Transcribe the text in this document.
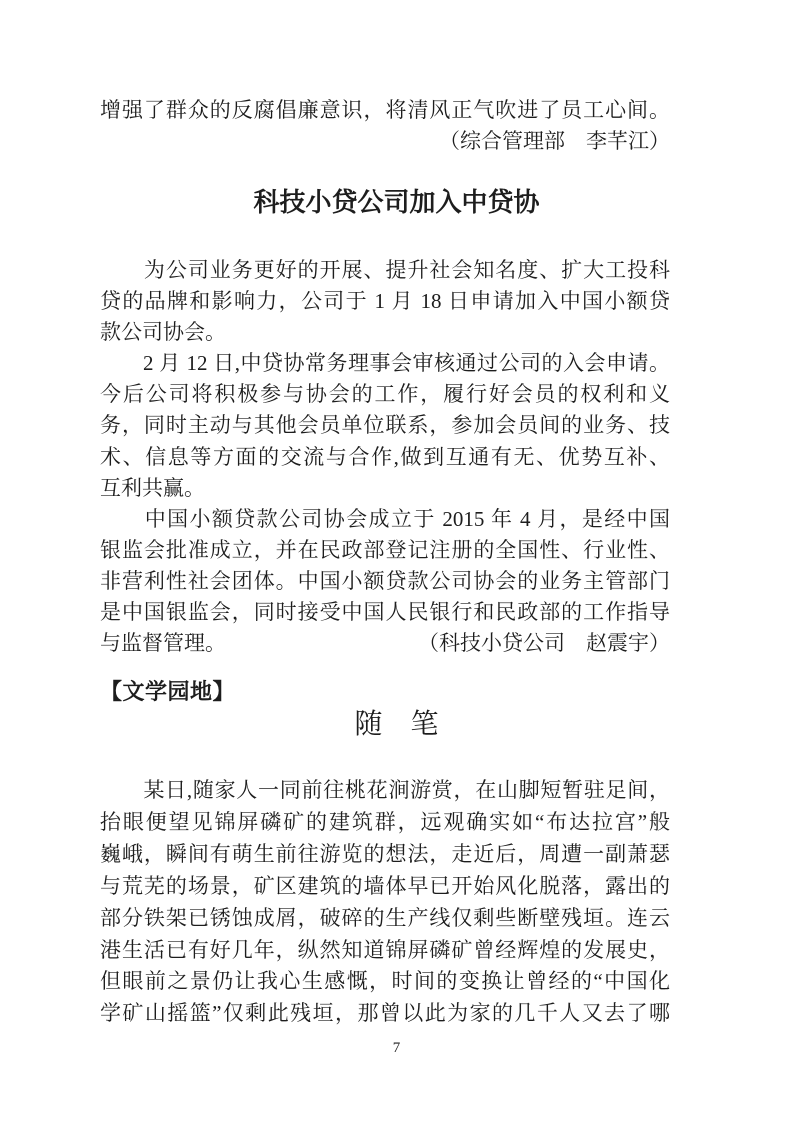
增强了群众的反腐倡廉意识，将清风正气吹进了员工心间。
（综合管理部　李芊江）
科技小贷公司加入中贷协
　　为公司业务更好的开展、提升社会知名度、扩大工投科
贷的品牌和影响力，公司于 1 月 18 日申请加入中国小额贷
款公司协会。
　　2 月 12 日,中贷协常务理事会审核通过公司的入会申请。
今后公司将积极参与协会的工作，履行好会员的权利和义
务，同时主动与其他会员单位联系，参加会员间的业务、技
术、信息等方面的交流与合作,做到互通有无、优势互补、
互利共赢。
　　中国小额贷款公司协会成立于 2015 年 4 月，是经中国
银监会批准成立，并在民政部登记注册的全国性、行业性、
非营利性社会团体。中国小额贷款公司协会的业务主管部门
是中国银监会，同时接受中国人民银行和民政部的工作指导
与监督管理。	（科技小贷公司　赵震宇）
【文学园地】
随　笔
　　某日,随家人一同前往桃花涧游赏，在山脚短暂驻足间，
抬眼便望见锦屏磷矿的建筑群，远观确实如“布达拉宫”般
巍峨，瞬间有萌生前往游览的想法，走近后，周遭一副萧瑟
与荒芜的场景，矿区建筑的墙体早已开始风化脱落，露出的
部分铁架已锈蚀成屑，破碎的生产线仅剩些断壁残垣。连云
港生活已有好几年，纵然知道锦屏磷矿曾经辉煌的发展史，
但眼前之景仍让我心生感慨，时间的变换让曾经的“中国化
学矿山摇篮”仅剩此残垣，那曾以此为家的几千人又去了哪
7
